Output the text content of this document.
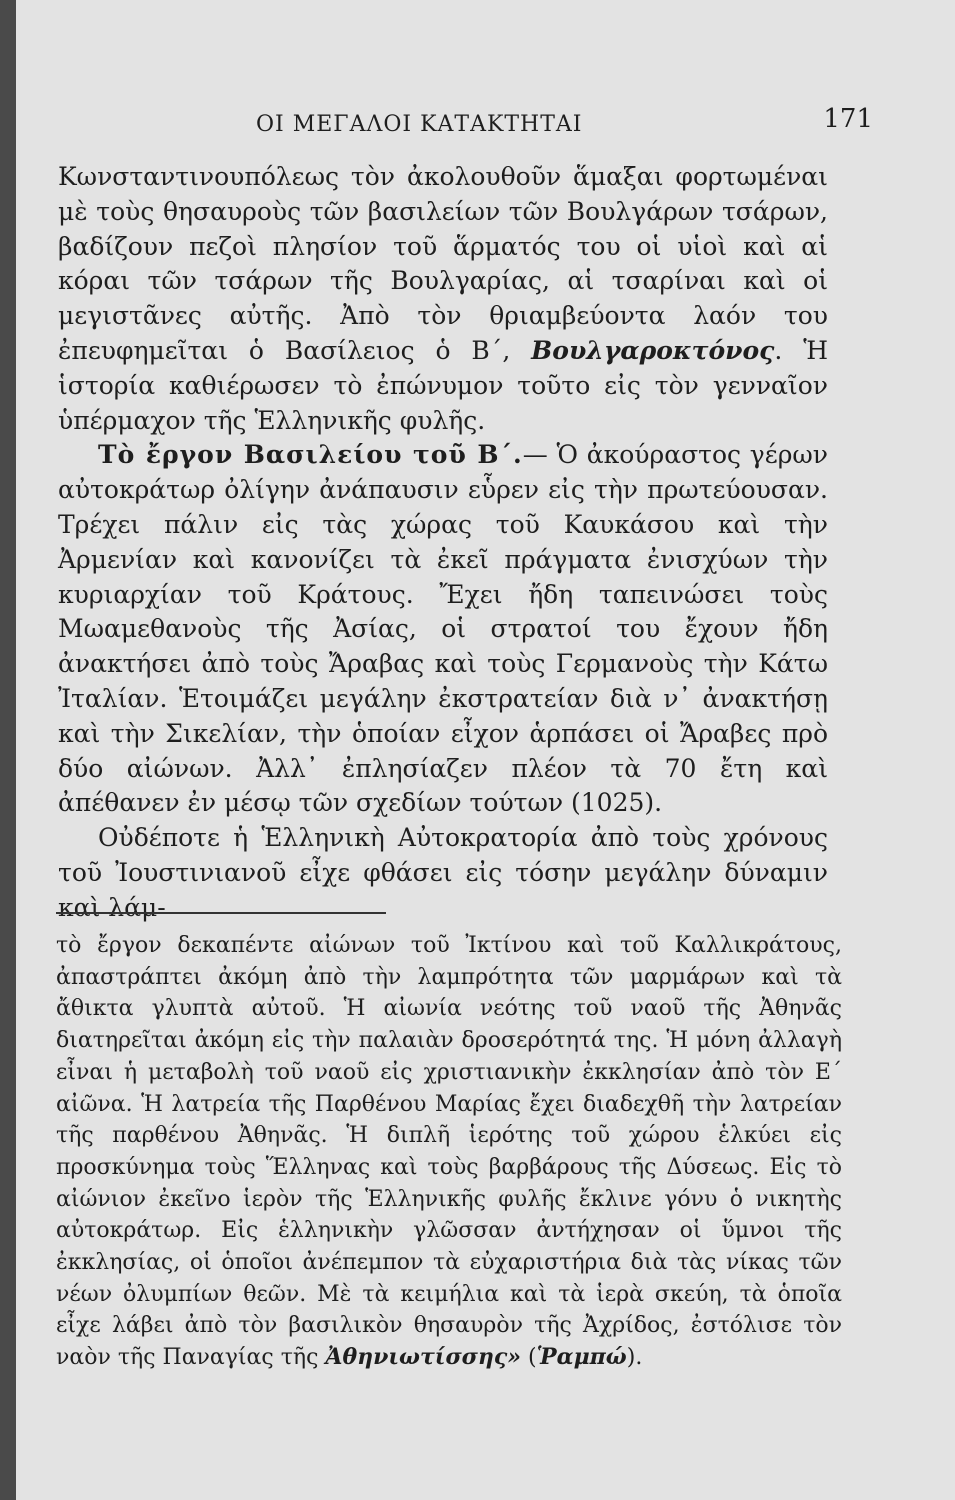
ΟΙ ΜΕΓΑΛΟΙ ΚΑΤΑΚΤΗΤΑΙ	171

Κωνσταντινουπόλεως τὸν ἀκολουθοῦν ἅμαξαι φορτωμέναι μὲ τοὺς θησαυροὺς τῶν βασιλείων τῶν Βουλγάρων τσάρων, βαδίζουν πεζοὶ πλησίον τοῦ ἅρματός του οἱ υἱοὶ καὶ αἱ κόραι τῶν τσάρων τῆς Βουλγαρίας, αἱ τσαρίναι καὶ οἱ μεγιστᾶνες αὐτῆς. Ἀπὸ τὸν θριαμβεύοντα λαόν του ἐπευφημεῖται ὁ Βασίλειος ὁ Β΄, Βουλγαροκτόνος. Ἡ ἱστορία καθιέρωσεν τὸ ἐπώνυμον τοῦτο εἰς τὸν γενναῖον ὑπέρμαχον τῆς Ἑλληνικῆς φυλῆς.

Τὸ ἔργον Βασιλείου τοῦ Β΄.— Ὁ ἀκούραστος γέρων αὐτοκράτωρ ὀλίγην ἀνάπαυσιν εὗρεν εἰς τὴν πρωτεύουσαν. Τρέχει πάλιν εἰς τὰς χώρας τοῦ Καυκάσου καὶ τὴν Ἀρμενίαν καὶ κανονίζει τὰ ἐκεῖ πράγματα ἐνισχύων τὴν κυριαρχίαν τοῦ Κράτους. Ἔχει ἤδη ταπεινώσει τοὺς Μωαμεθανοὺς τῆς Ἀσίας, οἱ στρατοί του ἔχουν ἤδη ἀνακτήσει ἀπὸ τοὺς Ἄραβας καὶ τοὺς Γερμανοὺς τὴν Κάτω Ἰταλίαν. Ἑτοιμάζει μεγάλην ἐκστρατείαν διὰ ν᾽ ἀνακτήσῃ καὶ τὴν Σικελίαν, τὴν ὁποίαν εἶχον ἁρπάσει οἱ Ἄραβες πρὸ δύο αἰώνων. Ἀλλ᾽ ἐπλησίαζεν πλέον τὰ 70 ἔτη καὶ ἀπέθανεν ἐν μέσῳ τῶν σχεδίων τούτων (1025).

Οὐδέποτε ἡ Ἑλληνικὴ Αὐτοκρατορία ἀπὸ τοὺς χρόνους τοῦ Ἰουστινιανοῦ εἶχε φθάσει εἰς τόσην μεγάλην δύναμιν καὶ λάμ-

τὸ ἔργον δεκαπέντε αἰώνων τοῦ Ἰκτίνου καὶ τοῦ Καλλικράτους, ἀπαστράπτει ἀκόμη ἀπὸ τὴν λαμπρότητα τῶν μαρμάρων καὶ τὰ ἄθικτα γλυπτὰ αὐτοῦ. Ἡ αἰωνία νεότης τοῦ ναοῦ τῆς Ἀθηνᾶς διατηρεῖται ἀκόμη εἰς τὴν παλαιὰν δροσερότητά της. Ἡ μόνη ἀλλαγὴ εἶναι ἡ μεταβολὴ τοῦ ναοῦ εἰς χριστιανικὴν ἐκκλησίαν ἀπὸ τὸν Ε΄ αἰῶνα. Ἡ λατρεία τῆς Παρθένου Μαρίας ἔχει διαδεχθῆ τὴν λατρείαν τῆς παρθένου Ἀθηνᾶς. Ἡ διπλῆ ἱερότης τοῦ χώρου ἑλκύει εἰς προσκύνημα τοὺς Ἕλληνας καὶ τοὺς βαρβάρους τῆς Δύσεως. Εἰς τὸ αἰώνιον ἐκεῖνο ἱερὸν τῆς Ἑλληνικῆς φυλῆς ἔκλινε γόνυ ὁ νικητὴς αὐτοκράτωρ. Εἰς ἑλληνικὴν γλῶσσαν ἀντήχησαν οἱ ὕμνοι τῆς ἐκκλησίας, οἱ ὁποῖοι ἀνέπεμπον τὰ εὐχαριστήρια διὰ τὰς νίκας τῶν νέων ὀλυμπίων θεῶν. Μὲ τὰ κειμήλια καὶ τὰ ἱερὰ σκεύη, τὰ ὁποῖα εἶχε λάβει ἀπὸ τὸν βασιλικὸν θησαυρὸν τῆς Ἀχρίδος, ἐστόλισε τὸν ναὸν τῆς Παναγίας τῆς Ἀθηνιωτίσσης» (Ῥαμπώ).
